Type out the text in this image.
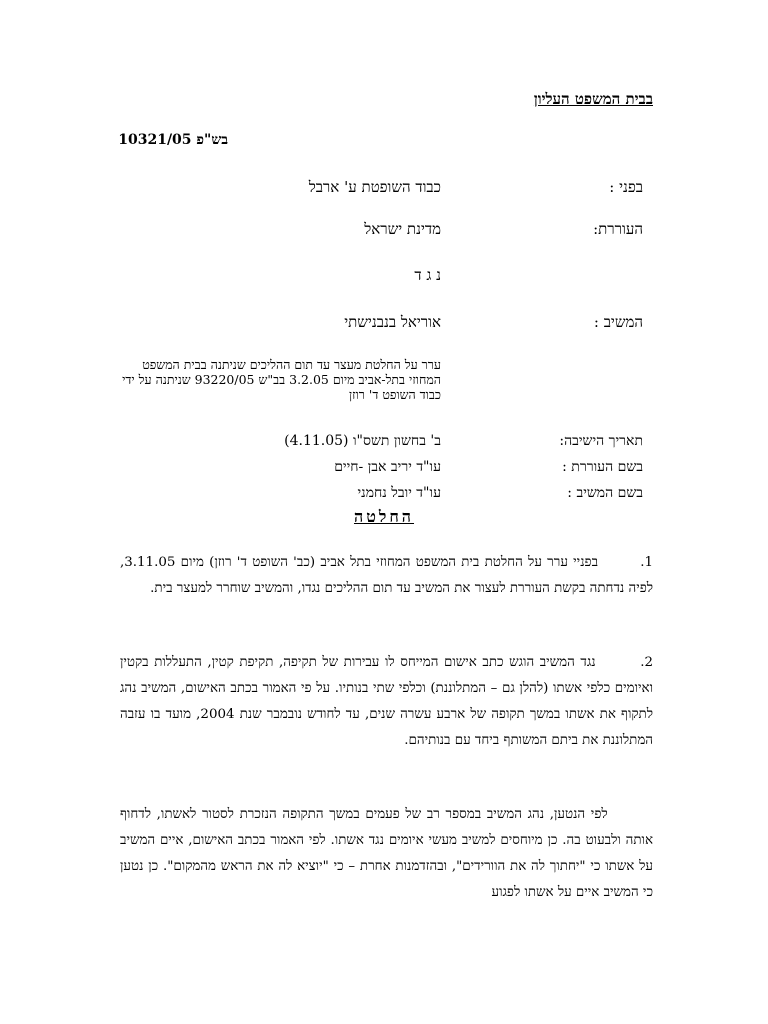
בבית המשפט העליון
בש"פ 10321/05
בפני :
כבוד השופטת ע' ארבל
העוררת:
מדינת ישראל
נ ג ד
המשיב :
אוריאל בנבנישתי
ערר על החלטת מעצר עד תום ההליכים שניתנה בבית המשפט המחוזי בתל-אביב מיום 3.2.05 בב"ש 93220/05 שניתנה על ידי כבוד השופט ד' רוזן
תאריך הישיבה:
ב' בחשון תשס"ו (4.11.05)
בשם העוררת :
עו"ד יריב אבן -חיים
בשם המשיב :
עו"ד יובל נחמני
החלטה
1.        בפניי ערר על החלטת בית המשפט המחוזי בתל אביב (כב' השופט ד' רוזן) מיום 3.11.05, לפיה נדחתה בקשת העוררת לעצור את המשיב עד תום ההליכים נגדו, והמשיב שוחרר למעצר בית.
2.        נגד המשיב הוגש כתב אישום המייחס לו עבירות של תקיפה, תקיפת קטין, התעללות בקטין ואיומים כלפי אשתו (להלן גם – המתלוננת) וכלפי שתי בנותיו. על פי האמור בכתב האישום, המשיב נהג לתקוף את אשתו במשך תקופה של ארבע עשרה שנים, עד לחודש נובמבר שנת 2004, מועד בו עזבה המתלוננת את ביתם המשותף ביחד עם בנותיהם.
לפי הנטען, נהג המשיב במספר רב של פעמים במשך התקופה הנזכרת לסטור לאשתו, לדחוף אותה ולבעוט בה. כן מיוחסים למשיב מעשי איומים נגד אשתו. לפי האמור בכתב האישום, איים המשיב על אשתו כי "יחתוך לה את הוורידים", ובהזדמנות אחרת – כי "יוציא לה את הראש מהמקום". כן נטען כי המשיב איים על אשתו לפגוע
